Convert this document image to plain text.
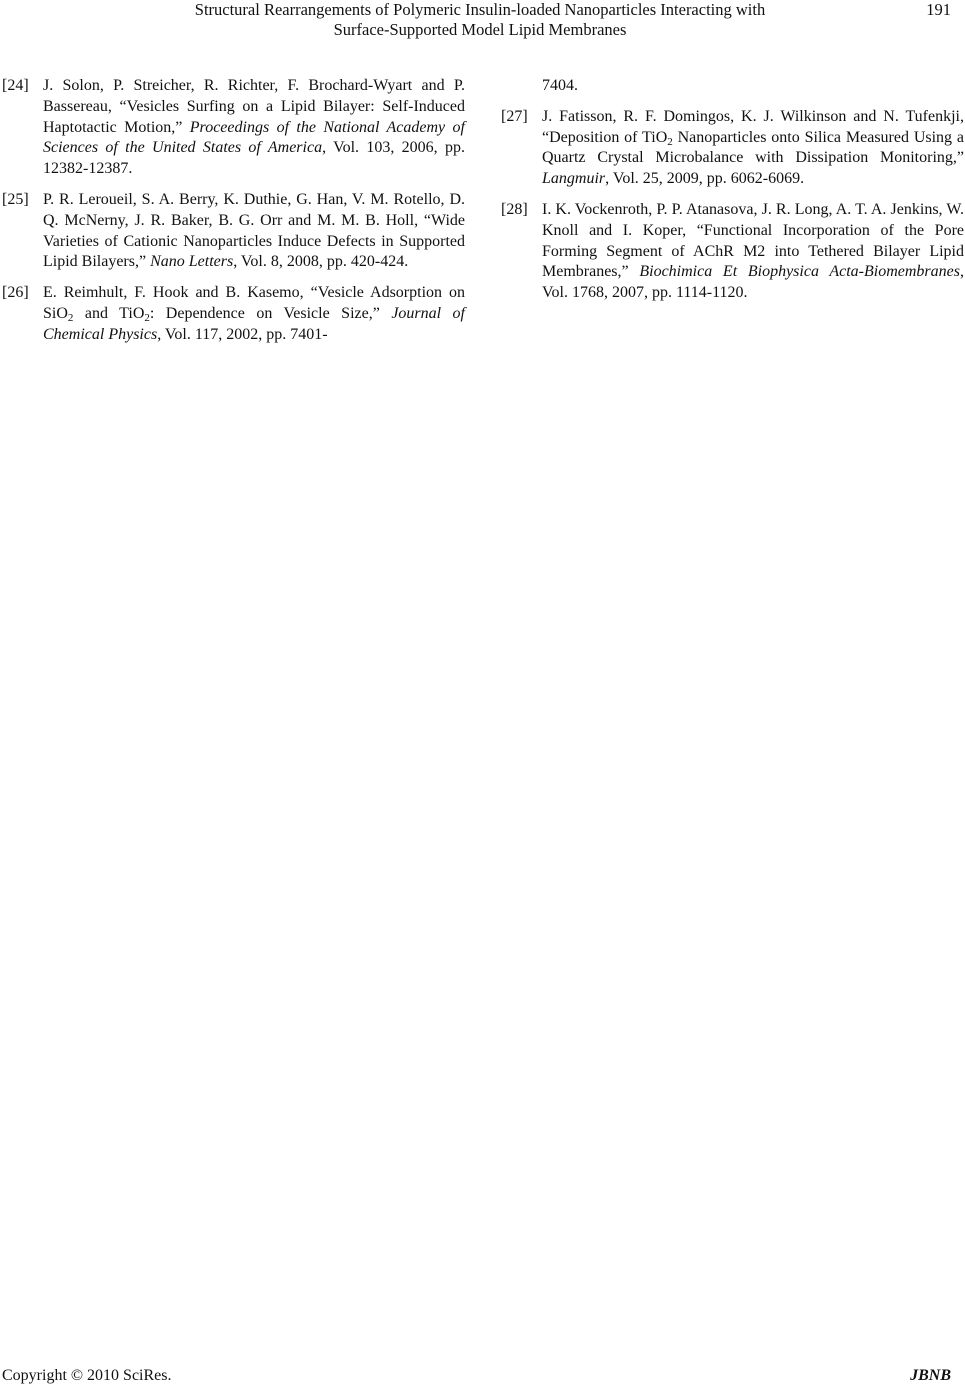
Structural Rearrangements of Polymeric Insulin-loaded Nanoparticles Interacting with
Surface-Supported Model Lipid Membranes
191
[24] J. Solon, P. Streicher, R. Richter, F. Brochard-Wyart and P. Bassereau, “Vesicles Surfing on a Lipid Bilayer: Self-Induced Haptotactic Motion,” Proceedings of the National Academy of Sciences of the United States of America, Vol. 103, 2006, pp. 12382-12387.
[25] P. R. Leroueil, S. A. Berry, K. Duthie, G. Han, V. M. Rotello, D. Q. McNerny, J. R. Baker, B. G. Orr and M. M. B. Holl, “Wide Varieties of Cationic Nanoparticles Induce Defects in Supported Lipid Bilayers,” Nano Letters, Vol. 8, 2008, pp. 420-424.
[26] E. Reimhult, F. Hook and B. Kasemo, “Vesicle Adsorption on SiO$_2$ and TiO$_2$: Dependence on Vesicle Size,” Journal of Chemical Physics, Vol. 117, 2002, pp. 7401-
7404.
[27] J. Fatisson, R. F. Domingos, K. J. Wilkinson and N. Tufenkji, “Deposition of TiO$_2$ Nanoparticles onto Silica Measured Using a Quartz Crystal Microbalance with Dissipation Monitoring,” Langmuir, Vol. 25, 2009, pp. 6062-6069.
[28] I. K. Vockenroth, P. P. Atanasova, J. R. Long, A. T. A. Jenkins, W. Knoll and I. Koper, “Functional Incorporation of the Pore Forming Segment of AChR M2 into Tethered Bilayer Lipid Membranes,” Biochimica Et Biophysica Acta-Biomembranes, Vol. 1768, 2007, pp. 1114-1120.
Copyright © 2010 SciRes.	JBNB
